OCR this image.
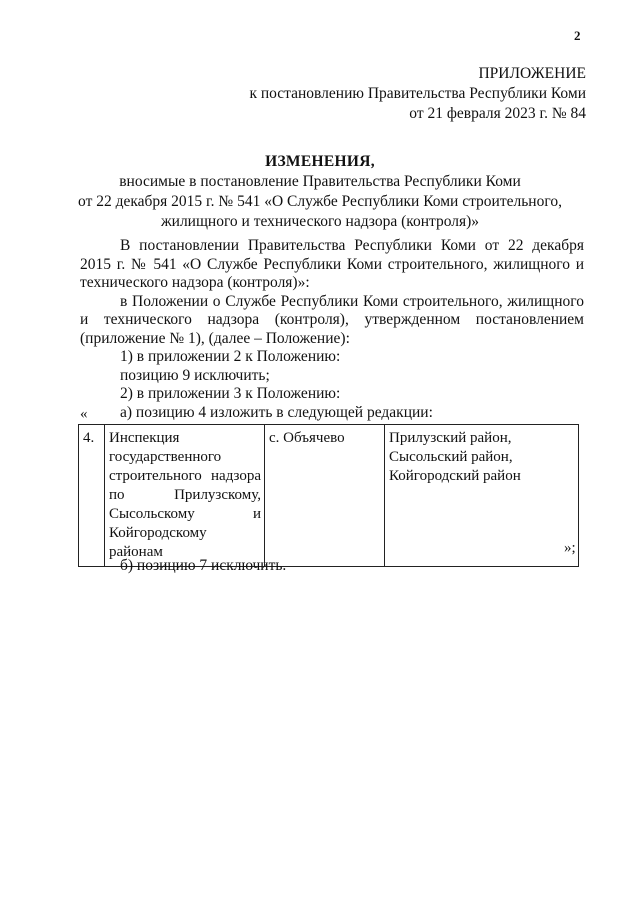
2
ПРИЛОЖЕНИЕ
к постановлению Правительства Республики Коми
от 21 февраля 2023 г. № 84
ИЗМЕНЕНИЯ,
вносимые в постановление Правительства Республики Коми
от 22 декабря 2015 г. № 541 «О Службе Республики Коми строительного,
жилищного и технического надзора (контроля)»

В постановлении Правительства Республики Коми от 22 декабря 2015 г. № 541 «О Службе Республики Коми строительного, жилищного и технического надзора (контроля)»:

в Положении о Службе Республики Коми строительного, жилищного и технического надзора (контроля), утвержденном постановлением (приложение № 1), (далее – Положение):

1) в приложении 2 к Положению:

позицию 9 исключить;

2) в приложении 3 к Положению:

а) позицию 4 изложить в следующей редакции:

«
4.	Инспекция государственного строительного надзора по Прилузскому, Сысольскому и Койгородскому районам	с. Объячево	Прилузский район,
Сысольский район,
Койгородский район
»;
б) позицию 7 исключить.
